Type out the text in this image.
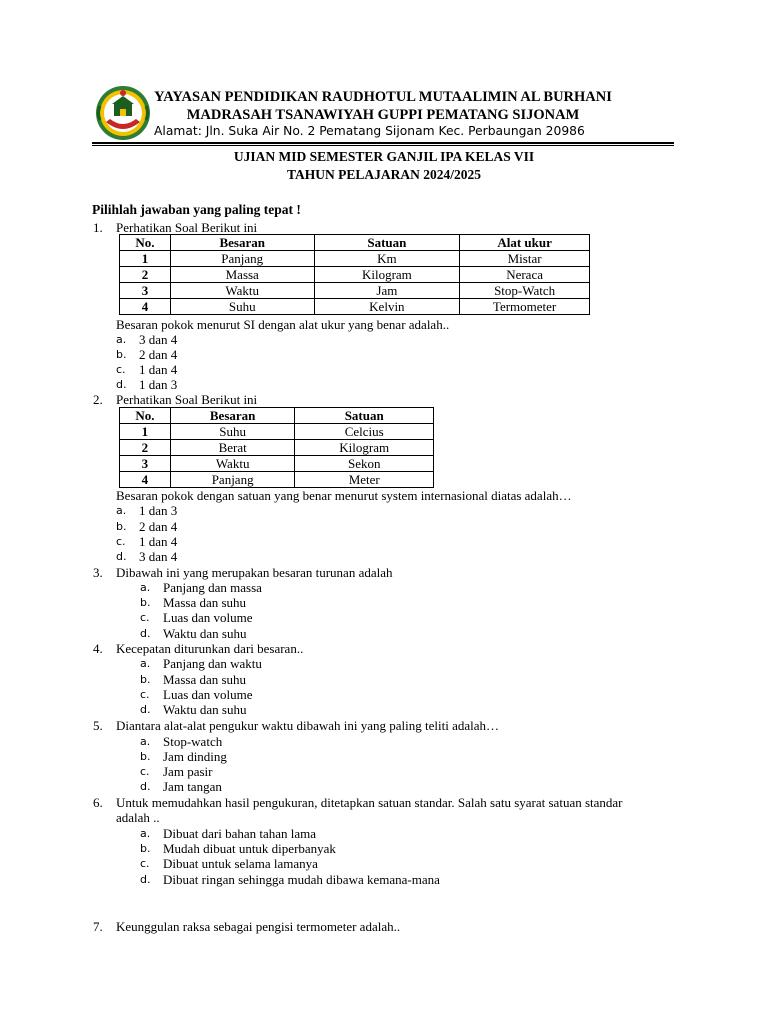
YAYASAN PENDIDIKAN RAUDHOTUL MUTAALIMIN AL BURHANI
MADRASAH TSANAWIYAH GUPPI PEMATANG SIJONAM
Alamat: Jln. Suka Air No. 2 Pematang Sijonam Kec. Perbaungan 20986
UJIAN MID SEMESTER GANJIL IPA KELAS VII
TAHUN PELAJARAN 2024/2025
Pilihlah jawaban yang paling tepat !
1. Perhatikan Soal Berikut ini
No.	Besaran	Satuan	Alat ukur
1	Panjang	Km	Mistar
2	Massa	Kilogram	Neraca
3	Waktu	Jam	Stop-Watch
4	Suhu	Kelvin	Termometer
Besaran pokok menurut SI dengan alat ukur yang benar adalah..
a. 3 dan 4
b. 2 dan 4
c. 1 dan 4
d. 1 dan 3
2. Perhatikan Soal Berikut ini
No.	Besaran	Satuan
1	Suhu	Celcius
2	Berat	Kilogram
3	Waktu	Sekon
4	Panjang	Meter
Besaran pokok dengan satuan yang benar menurut system internasional diatas adalah…
a. 1 dan 3
b. 2 dan 4
c. 1 dan 4
d. 3 dan 4
3. Dibawah ini yang merupakan besaran turunan adalah
a. Panjang dan massa
b. Massa dan suhu
c. Luas dan volume
d. Waktu dan suhu
4. Kecepatan diturunkan dari besaran..
a. Panjang dan waktu
b. Massa dan suhu
c. Luas dan volume
d. Waktu dan suhu
5. Diantara alat-alat pengukur waktu dibawah ini yang paling teliti adalah…
a. Stop-watch
b. Jam dinding
c. Jam pasir
d. Jam tangan
6. Untuk memudahkan hasil pengukuran, ditetapkan satuan standar. Salah satu syarat satuan standar
adalah ..
a. Dibuat dari bahan tahan lama
b. Mudah dibuat untuk diperbanyak
c. Dibuat untuk selama lamanya
d. Dibuat ringan sehingga mudah dibawa kemana-mana
7. Keunggulan raksa sebagai pengisi termometer adalah..
